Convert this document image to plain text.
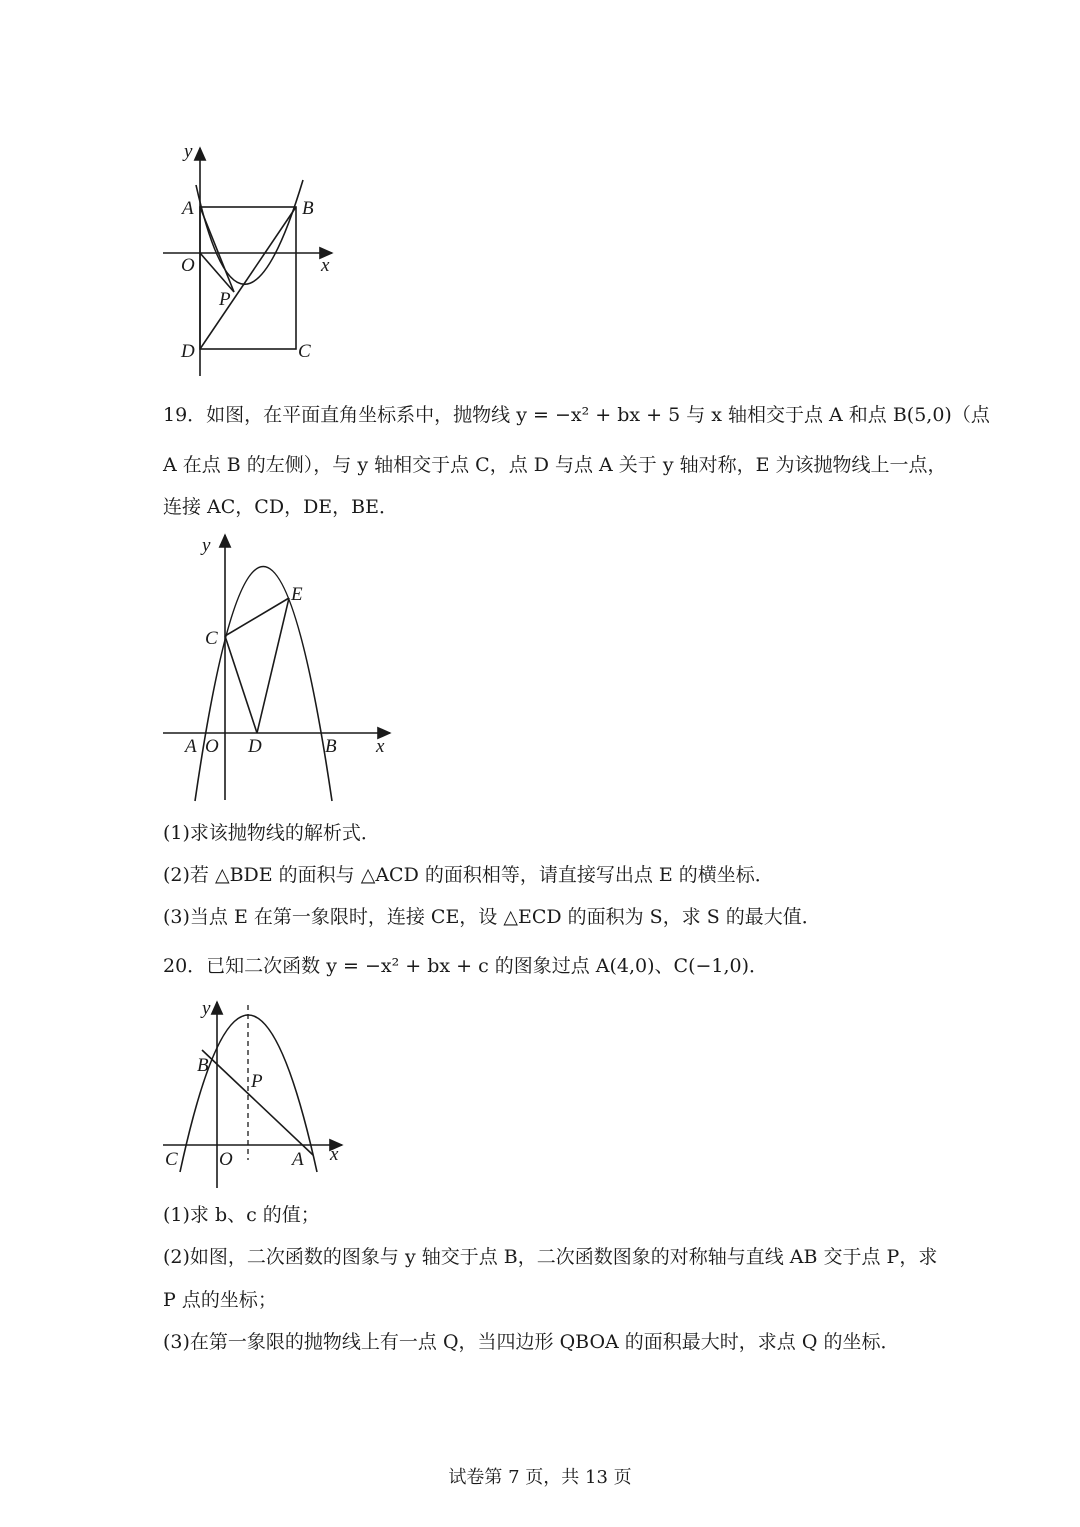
y
A	B
O	x
P
D	C
19．如图，在平面直角坐标系中，抛物线 y = −x² + bx + 5 与 x 轴相交于点 A 和点 B(5,0)（点
A 在点 B 的左侧），与 y 轴相交于点 C，点 D 与点 A 关于 y 轴对称，E 为该抛物线上一点，
连接 AC，CD，DE，BE．
y
E
C
A O D	B x
(1)求该抛物线的解析式．
(2)若 △BDE 的面积与 △ACD 的面积相等，请直接写出点 E 的横坐标．
(3)当点 E 在第一象限时，连接 CE，设 △ECD 的面积为 S，求 S 的最大值．
20．已知二次函数 y = −x² + bx + c 的图象过点 A(4,0)、C(−1,0)．
y
B
P
C O	A x
(1)求 b、c 的值；
(2)如图，二次函数的图象与 y 轴交于点 B，二次函数图象的对称轴与直线 AB 交于点 P，求
P 点的坐标；
(3)在第一象限的抛物线上有一点 Q，当四边形 QBOA 的面积最大时，求点 Q 的坐标．
试卷第 7 页，共 13 页
